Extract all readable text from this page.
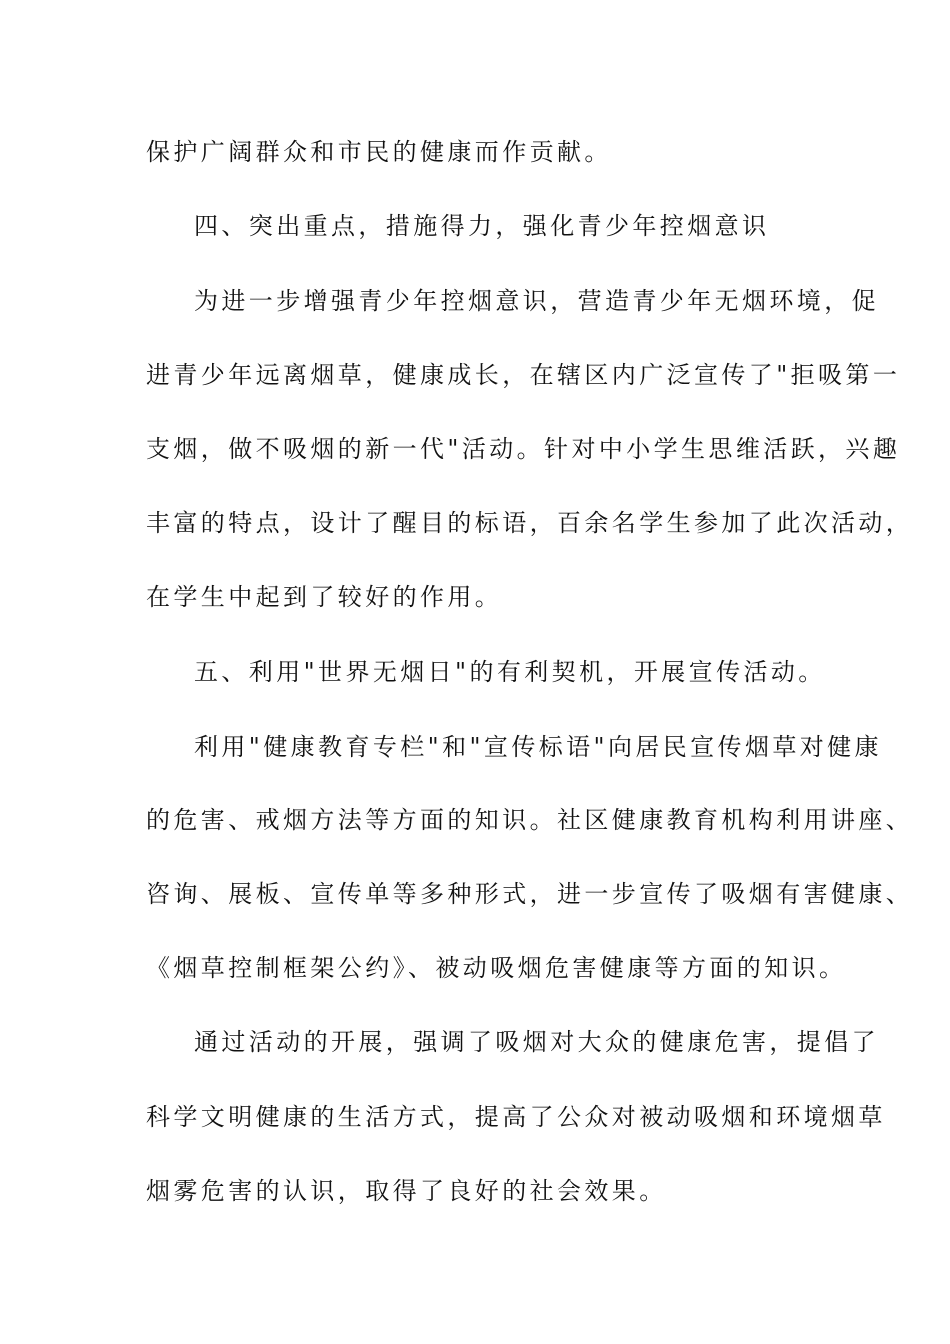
保护广阔群众和市民的健康而作贡献。
四、突出重点，措施得力，强化青少年控烟意识
为进一步增强青少年控烟意识，营造青少年无烟环境，促
进青少年远离烟草，健康成长，在辖区内广泛宣传了"拒吸第一
支烟，做不吸烟的新一代"活动。针对中小学生思维活跃，兴趣
丰富的特点，设计了醒目的标语，百余名学生参加了此次活动，
在学生中起到了较好的作用。
五、利用"世界无烟日"的有利契机，开展宣传活动。
利用"健康教育专栏"和"宣传标语"向居民宣传烟草对健康
的危害、戒烟方法等方面的知识。社区健康教育机构利用讲座、
咨询、展板、宣传单等多种形式，进一步宣传了吸烟有害健康、
《烟草控制框架公约》、被动吸烟危害健康等方面的知识。
通过活动的开展，强调了吸烟对大众的健康危害，提倡了
科学文明健康的生活方式，提高了公众对被动吸烟和环境烟草
烟雾危害的认识，取得了良好的社会效果。
